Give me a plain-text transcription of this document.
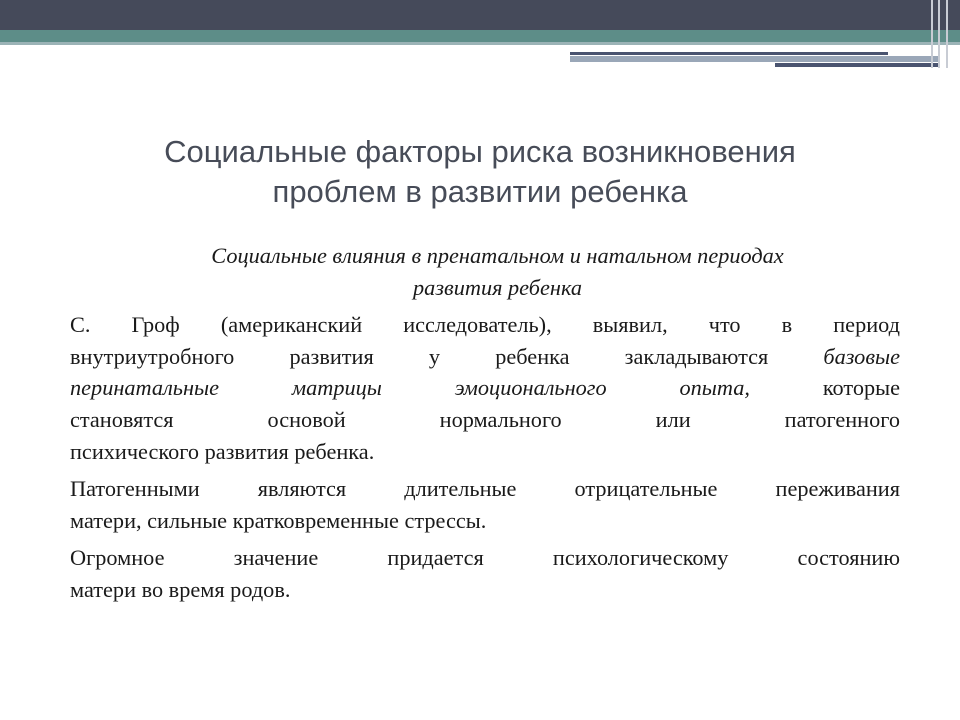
Социальные факторы риска возникновения
проблем в развитии ребенка
Социальные влияния в пренатальном и натальном периодах
развития ребенка
С. Гроф (американский исследователь), выявил, что в период
внутриутробного развития у ребенка закладываются базовые
перинатальные матрицы эмоционального опыта,	которые
становятся основой нормального или патогенного
психического развития ребенка.
Патогенными являются длительные отрицательные переживания
матери, сильные кратковременные стрессы.
Огромное значение придается психологическому состоянию
матери во время родов.
